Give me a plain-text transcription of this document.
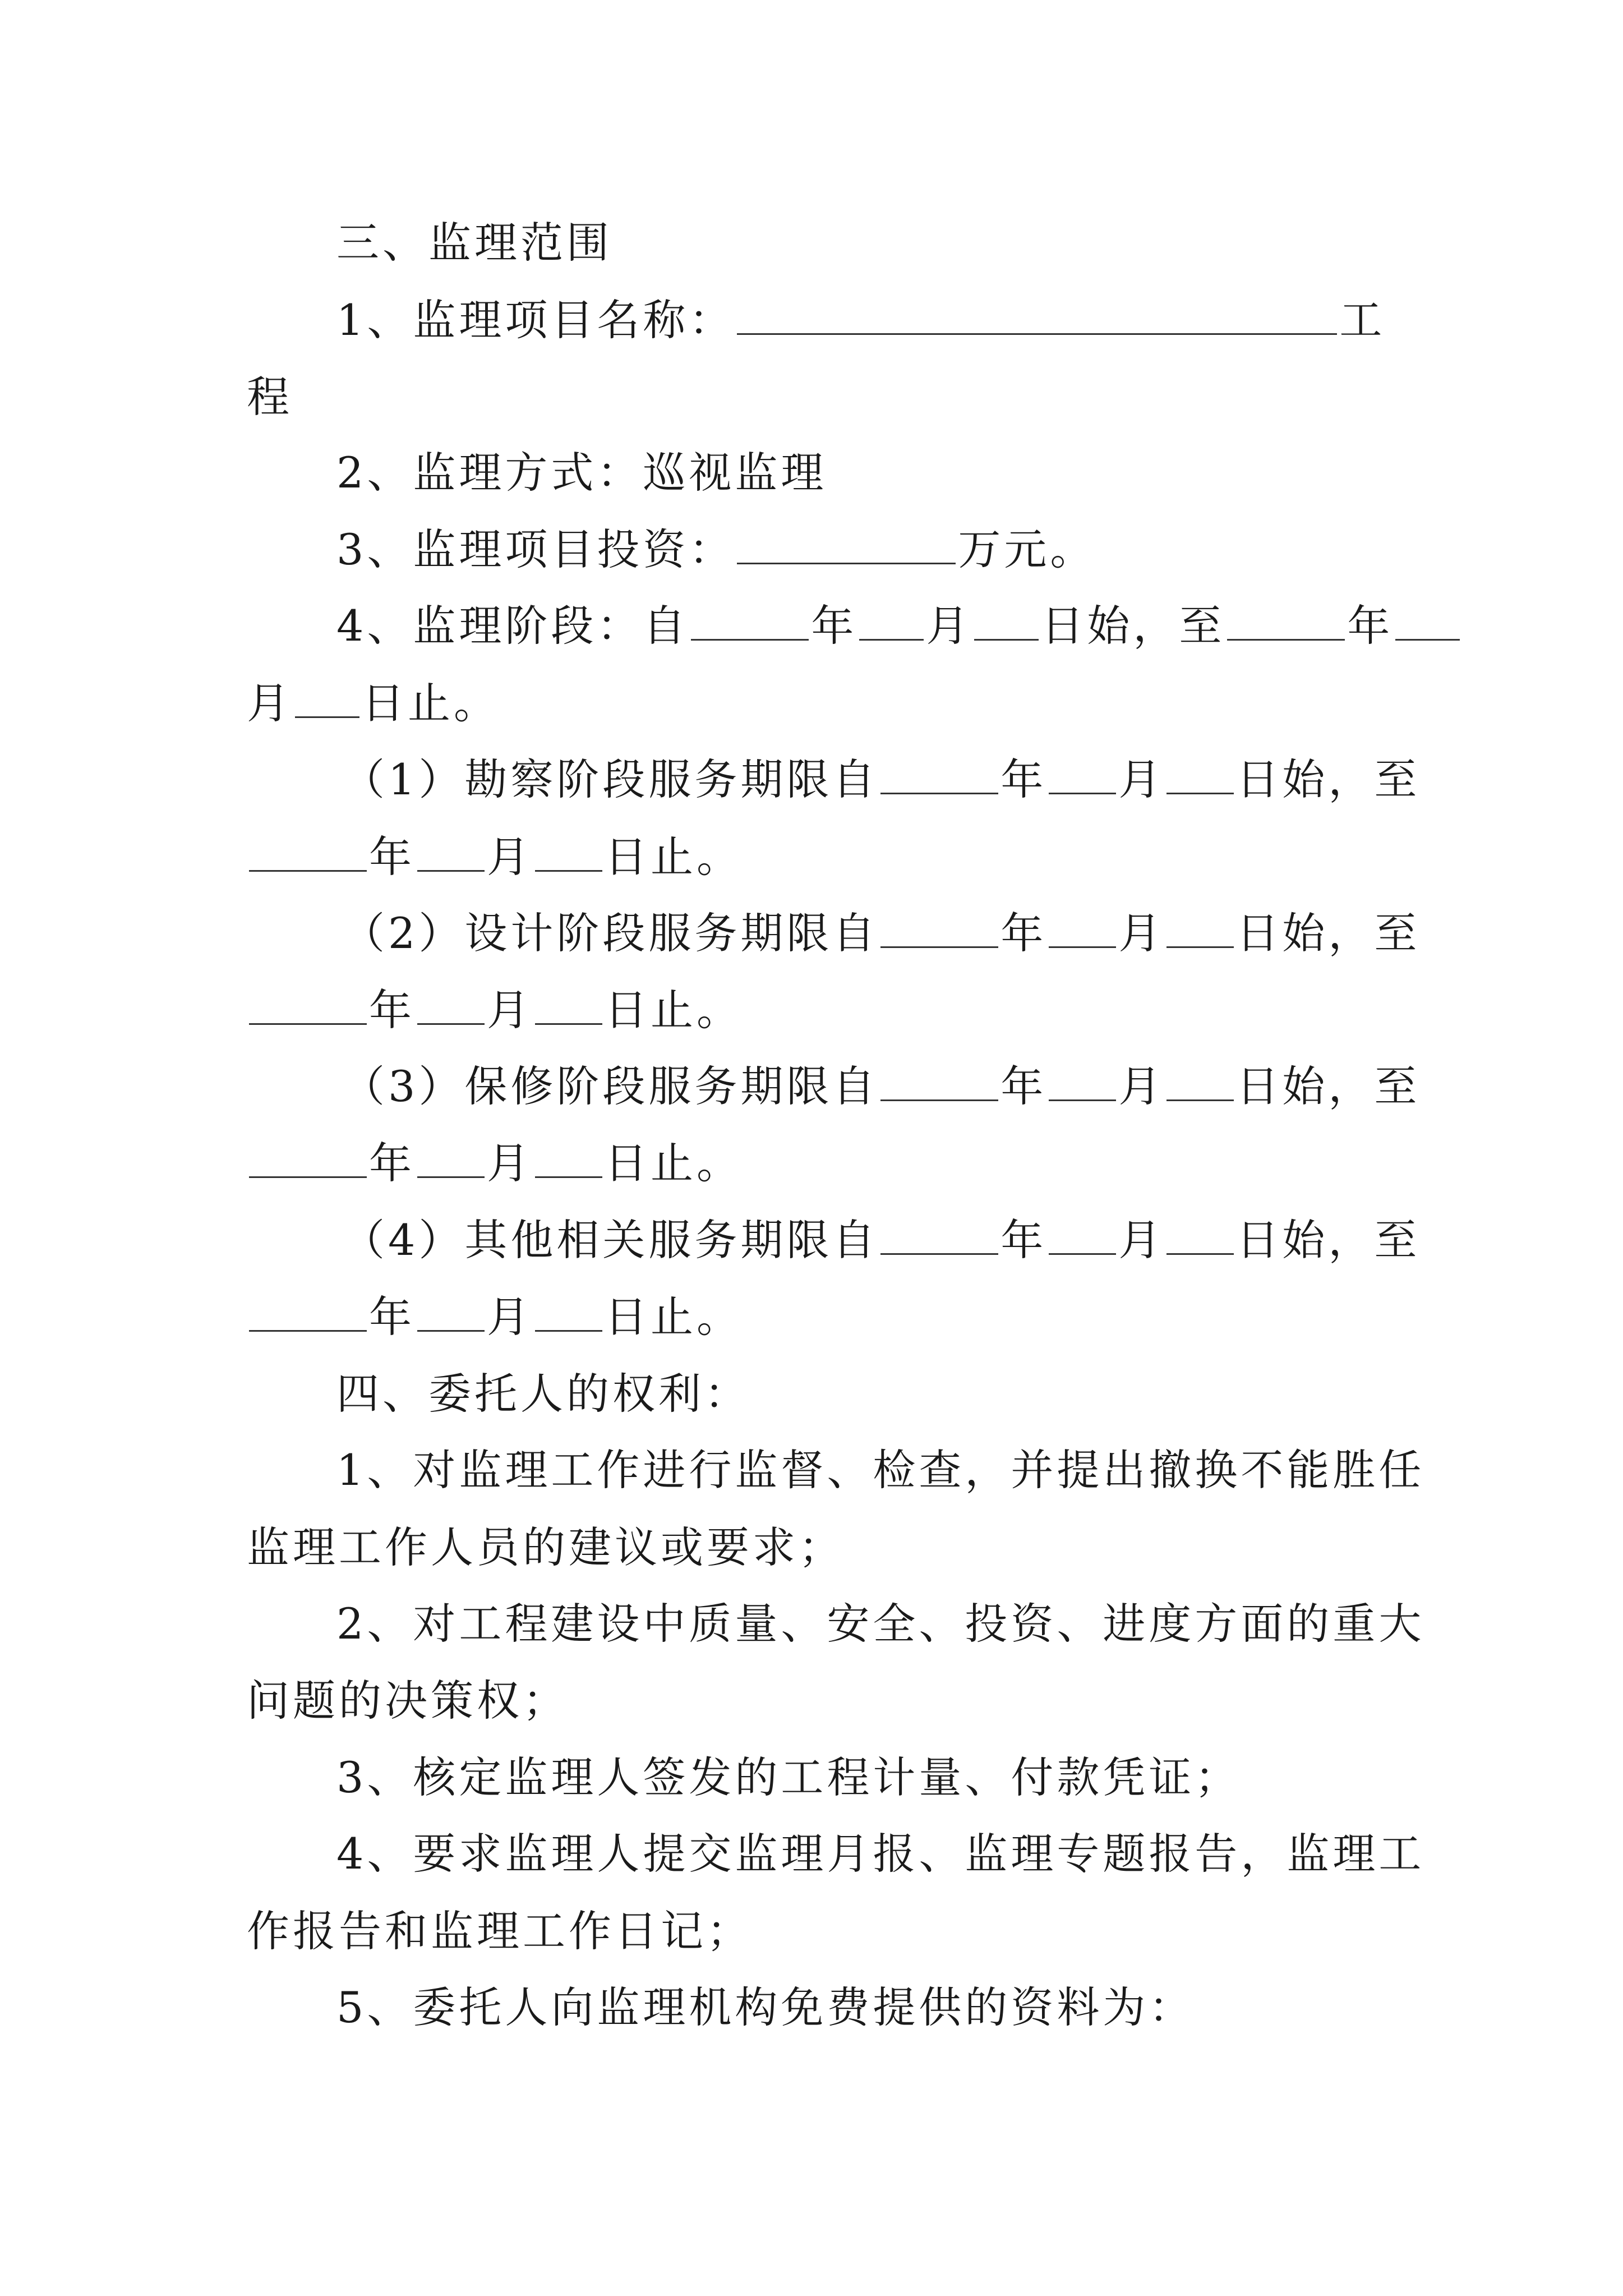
三、监理范围
1、监理项目名称：	工
程
2、监理方式：巡视监理
3、监理项目投资：	万元。
4、监理阶段：自	年 月 日始，至	年
月 日止。
（1）勘察阶段服务期限自	年 月 日始，至
年 月 日止。
（2）设计阶段服务期限自	年 月 日始，至
年 月 日止。
（3）保修阶段服务期限自	年 月 日始，至
年 月 日止。
（4）其他相关服务期限自	年 月 日始，至
年 月 日止。
四、委托人的权利：
1、对监理工作进行监督、检查，并提出撤换不能胜任
监理工作人员的建议或要求；
2、对工程建设中质量、安全、投资、进度方面的重大
问题的决策权；
3、核定监理人签发的工程计量、付款凭证；
4、要求监理人提交监理月报、监理专题报告，监理工
作报告和监理工作日记；
5、委托人向监理机构免费提供的资料为：
